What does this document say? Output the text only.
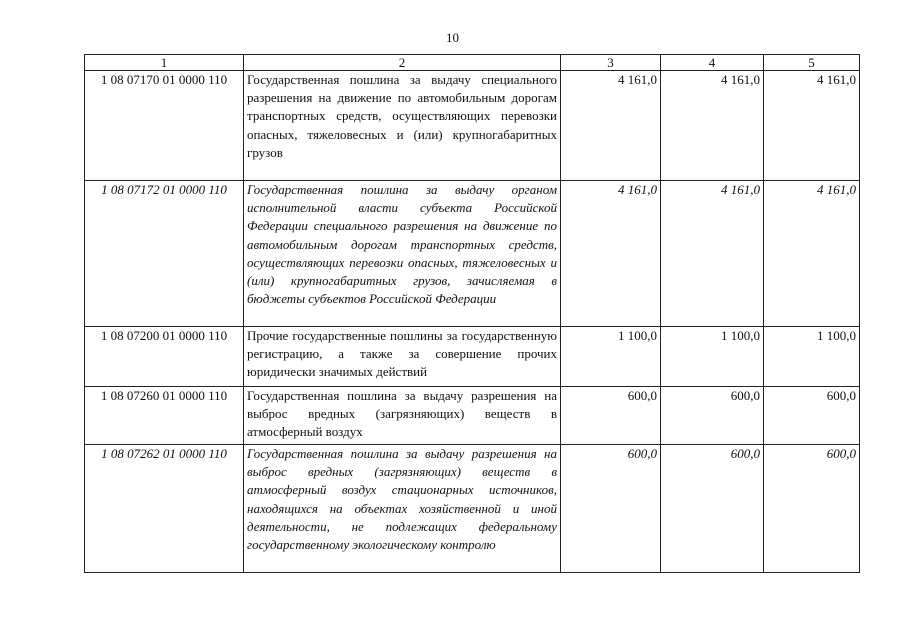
10
1	2	3	4	5
1 08 07170 01 0000 110	Государственная пошлина за выдачу специального разрешения на движение по автомобильным дорогам транспортных средств, осуществляющих перевозки опасных, тяжеловесных и (или) крупногабаритных грузов	4 161,0	4 161,0	4 161,0
1 08 07172 01 0000 110	Государственная пошлина за выдачу органом исполнительной власти субъекта Российской Федерации специального разрешения на движение по автомобильным дорогам транспортных средств, осуществляющих перевозки опасных, тяжеловесных и (или) крупногабаритных грузов, зачисляемая в бюджеты субъектов Российской Федерации	4 161,0	4 161,0	4 161,0
1 08 07200 01 0000 110	Прочие государственные пошлины за государственную регистрацию, а также за совершение прочих юридически значимых действий	1 100,0	1 100,0	1 100,0
1 08 07260 01 0000 110	Государственная пошлина за выдачу разрешения на выброс вредных (загрязняющих) веществ в атмосферный воздух	600,0	600,0	600,0
1 08 07262 01 0000 110	Государственная пошлина за выдачу разрешения на выброс вредных (загрязняющих) веществ в атмосферный воздух стационарных источников, находящихся на объектах хозяйственной и иной деятельности, не подлежащих федеральному государственному экологическому контролю	600,0	600,0	600,0
